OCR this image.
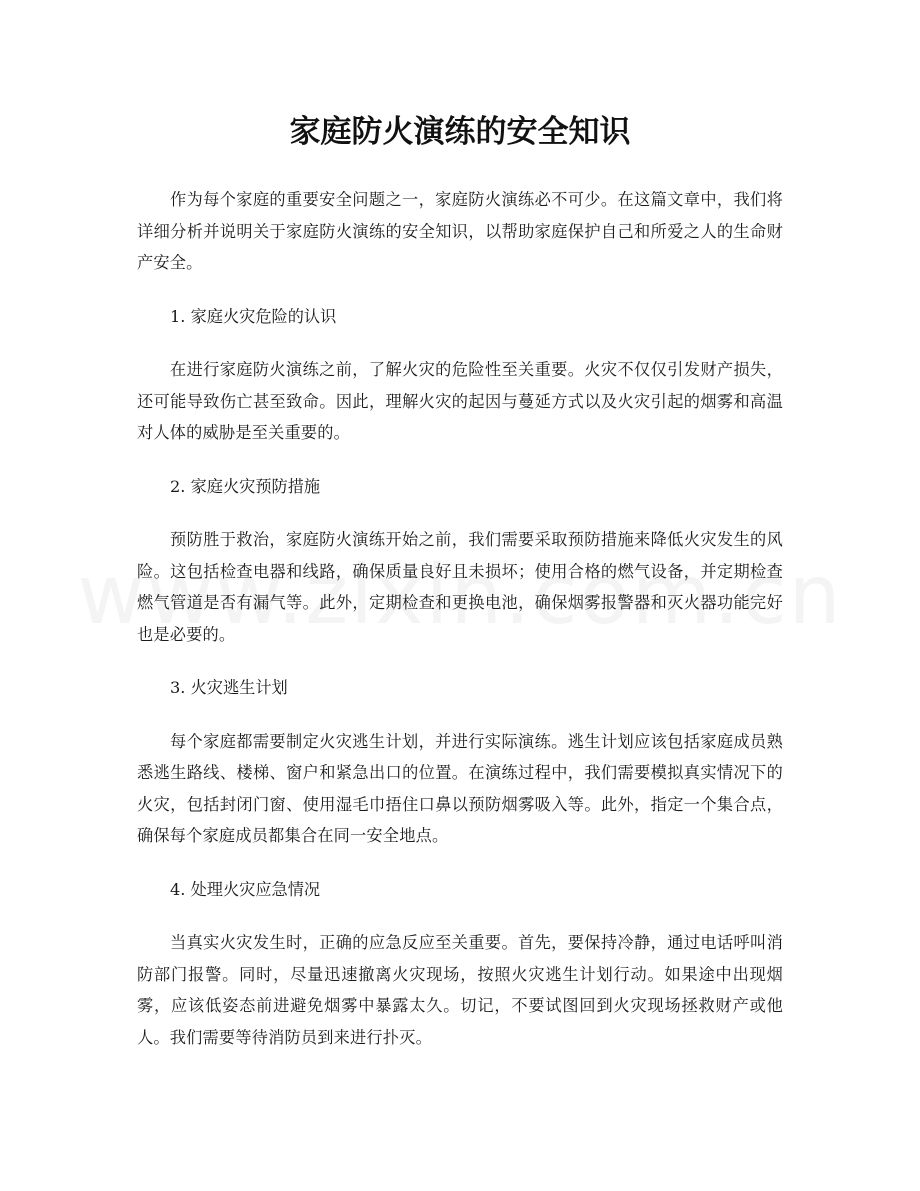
家庭防火演练的安全知识

作为每个家庭的重要安全问题之一，家庭防火演练必不可少。在这篇文章中，我们将详细分析并说明关于家庭防火演练的安全知识，以帮助家庭保护自己和所爱之人的生命财产安全。

1. 家庭火灾危险的认识

在进行家庭防火演练之前，了解火灾的危险性至关重要。火灾不仅仅引发财产损失，还可能导致伤亡甚至致命。因此，理解火灾的起因与蔓延方式以及火灾引起的烟雾和高温对人体的威胁是至关重要的。

2. 家庭火灾预防措施

预防胜于救治，家庭防火演练开始之前，我们需要采取预防措施来降低火灾发生的风险。这包括检查电器和线路，确保质量良好且未损坏；使用合格的燃气设备，并定期检查燃气管道是否有漏气等。此外，定期检查和更换电池，确保烟雾报警器和灭火器功能完好也是必要的。

3. 火灾逃生计划

每个家庭都需要制定火灾逃生计划，并进行实际演练。逃生计划应该包括家庭成员熟悉逃生路线、楼梯、窗户和紧急出口的位置。在演练过程中，我们需要模拟真实情况下的火灾，包括封闭门窗、使用湿毛巾捂住口鼻以预防烟雾吸入等。此外，指定一个集合点，确保每个家庭成员都集合在同一安全地点。

4. 处理火灾应急情况

当真实火灾发生时，正确的应急反应至关重要。首先，要保持冷静，通过电话呼叫消防部门报警。同时，尽量迅速撤离火灾现场，按照火灾逃生计划行动。如果途中出现烟雾，应该低姿态前进避免烟雾中暴露太久。切记，不要试图回到火灾现场拯救财产或他人。我们需要等待消防员到来进行扑灭。
